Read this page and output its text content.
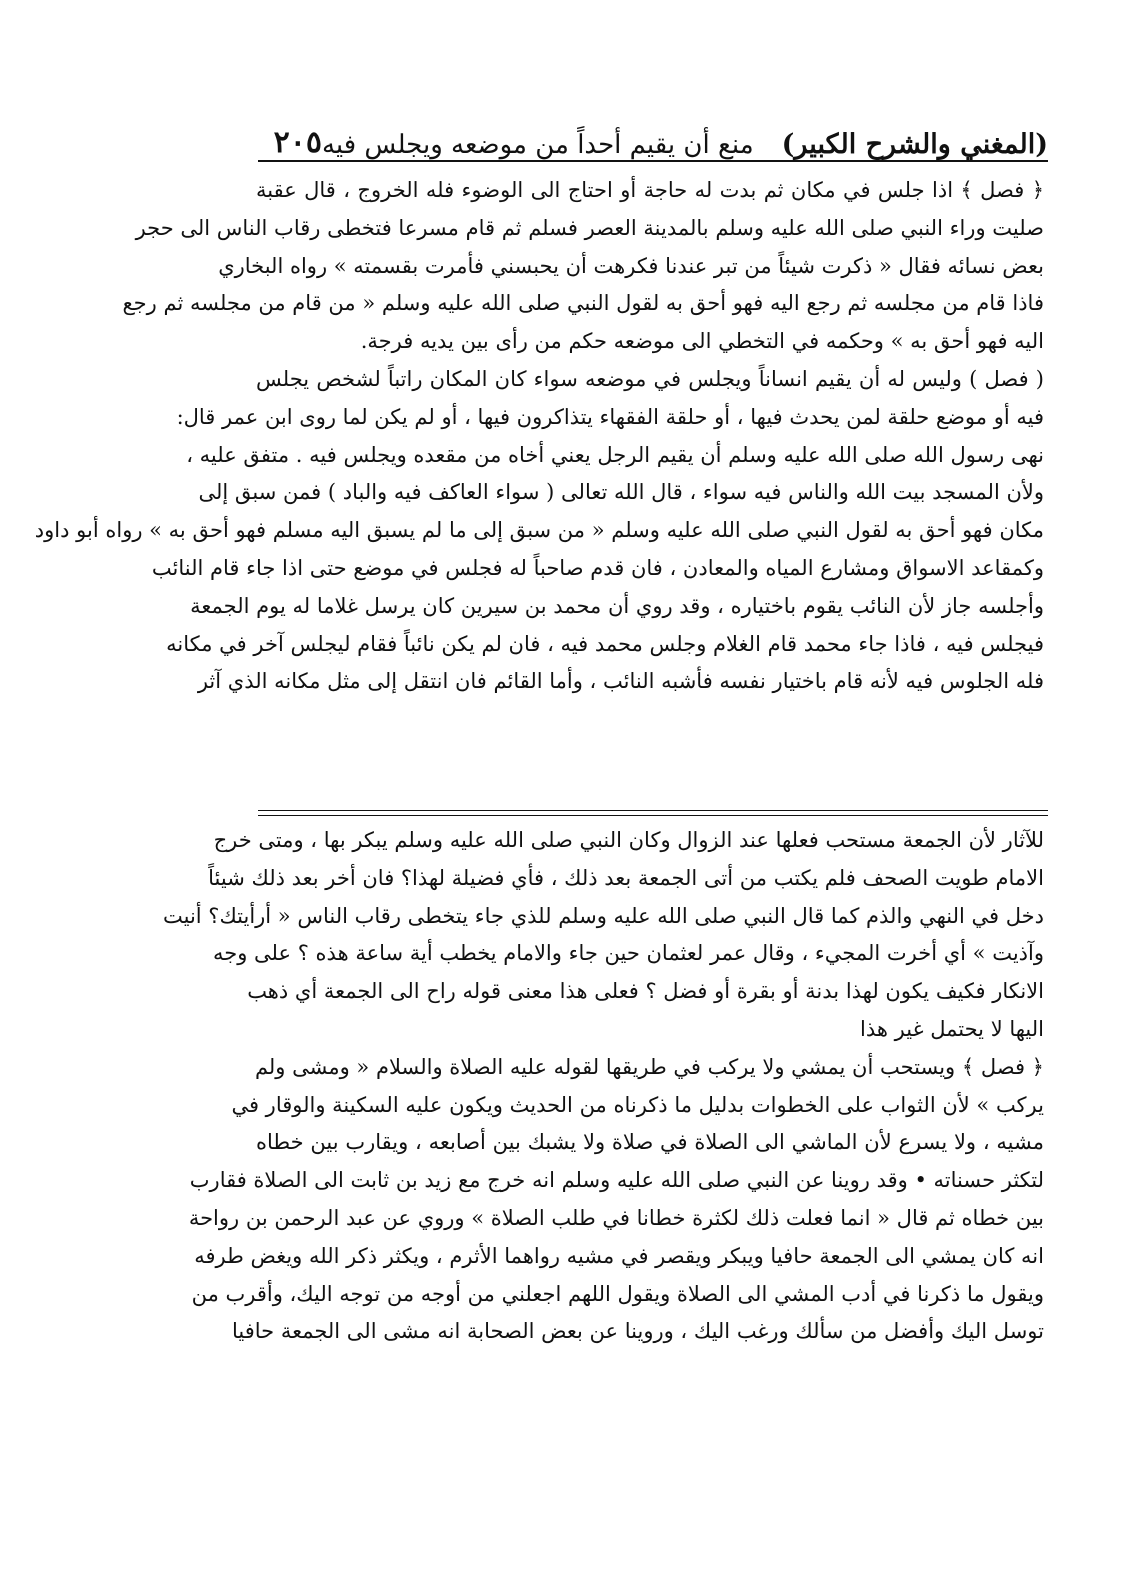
(المغني والشرح الكبير)
منع أن يقيم أحداً من موضعه ويجلس فيه
٢٠٥
﴿ فصل ﴾ اذا جلس في مكان ثم بدت له حاجة أو احتاج الى الوضوء فله الخروج ، قال عقبة
صليت وراء النبي صلى الله عليه وسلم بالمدينة العصر فسلم ثم قام مسرعا فتخطى رقاب الناس الى حجر
بعض نسائه فقال « ذكرت شيئاً من تبر عندنا فكرهت أن يحبسني فأمرت بقسمته » رواه البخاري
فاذا قام من مجلسه ثم رجع اليه فهو أحق به لقول النبي صلى الله عليه وسلم « من قام من مجلسه ثم رجع
اليه فهو أحق به » وحكمه في التخطي الى موضعه حكم من رأى بين يديه فرجة.
( فصل ) وليس له أن يقيم انساناً ويجلس في موضعه سواء كان المكان راتباً لشخص يجلس
فيه أو موضع حلقة لمن يحدث فيها ، أو حلقة الفقهاء يتذاكرون فيها ، أو لم يكن لما روى ابن عمر قال:
نهى رسول الله صلى الله عليه وسلم أن يقيم الرجل يعني أخاه من مقعده ويجلس فيه . متفق عليه ،
ولأن المسجد بيت الله والناس فيه سواء ، قال الله تعالى ( سواء العاكف فيه والباد ) فمن سبق إلى
مكان فهو أحق به لقول النبي صلى الله عليه وسلم « من سبق إلى ما لم يسبق اليه مسلم فهو أحق به » رواه أبو داود
وكمقاعد الاسواق ومشارع المياه والمعادن ، فان قدم صاحباً له فجلس في موضع حتى اذا جاء قام النائب
وأجلسه جاز لأن النائب يقوم باختياره ، وقد روي أن محمد بن سيرين كان يرسل غلاما له يوم الجمعة
فيجلس فيه ، فاذا جاء محمد قام الغلام وجلس محمد فيه ، فان لم يكن نائباً فقام ليجلس آخر في مكانه
فله الجلوس فيه لأنه قام باختيار نفسه فأشبه النائب ، وأما القائم فان انتقل إلى مثل مكانه الذي آثر
للآثار لأن الجمعة مستحب فعلها عند الزوال وكان النبي صلى الله عليه وسلم يبكر بها ، ومتى خرج
الامام طويت الصحف فلم يكتب من أتى الجمعة بعد ذلك ، فأي فضيلة لهذا؟ فان أخر بعد ذلك شيئاً
دخل في النهي والذم كما قال النبي صلى الله عليه وسلم للذي جاء يتخطى رقاب الناس « أرأيتك؟ أنيت
وآذيت » أي أخرت المجيء ، وقال عمر لعثمان حين جاء والامام يخطب أية ساعة هذه ؟ على وجه
الانكار فكيف يكون لهذا بدنة أو بقرة أو فضل ؟ فعلى هذا معنى قوله راح الى الجمعة أي ذهب
اليها لا يحتمل غير هذا
﴿ فصل ﴾ ويستحب أن يمشي ولا يركب في طريقها لقوله عليه الصلاة والسلام « ومشى ولم
يركب » لأن الثواب على الخطوات بدليل ما ذكرناه من الحديث ويكون عليه السكينة والوقار في
مشيه ، ولا يسرع لأن الماشي الى الصلاة في صلاة ولا يشبك بين أصابعه ، ويقارب بين خطاه
لتكثر حسناته • وقد روينا عن النبي صلى الله عليه وسلم انه خرج مع زيد بن ثابت الى الصلاة فقارب
بين خطاه ثم قال « انما فعلت ذلك لكثرة خطانا في طلب الصلاة » وروي عن عبد الرحمن بن رواحة
انه كان يمشي الى الجمعة حافيا ويبكر ويقصر في مشيه رواهما الأثرم ، ويكثر ذكر الله ويغض طرفه
ويقول ما ذكرنا في أدب المشي الى الصلاة ويقول اللهم اجعلني من أوجه من توجه اليك، وأقرب من
توسل اليك وأفضل من سألك ورغب اليك ، وروينا عن بعض الصحابة انه مشى الى الجمعة حافيا
